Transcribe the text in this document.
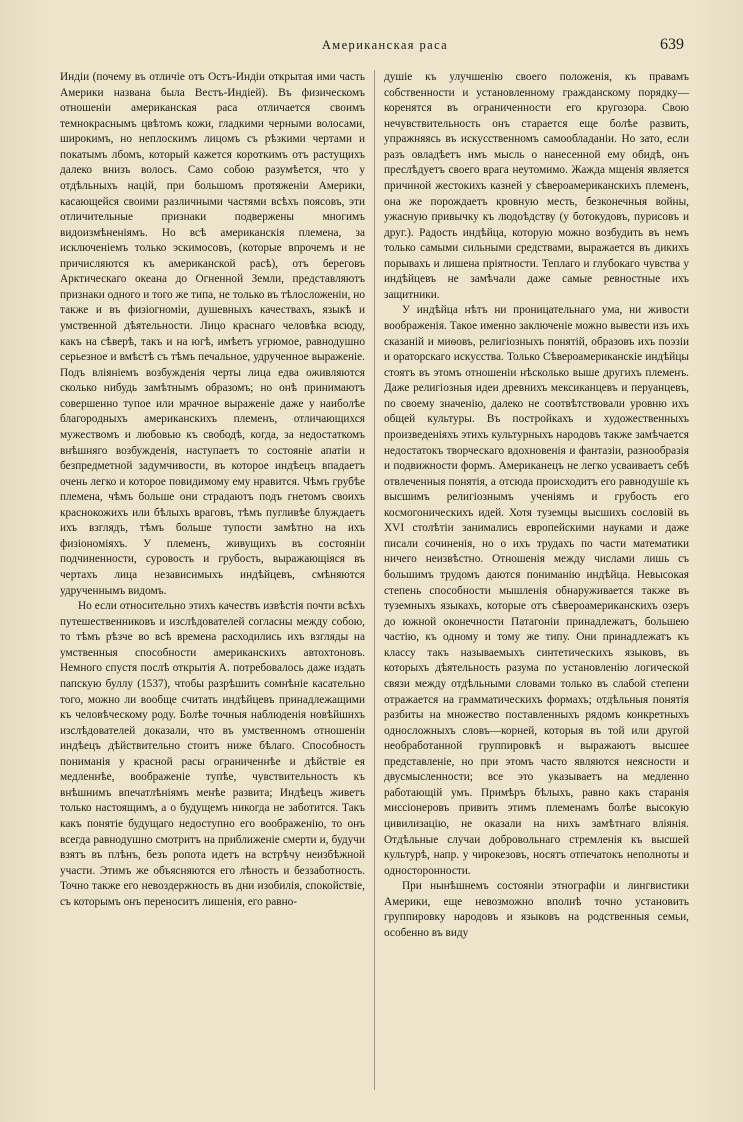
Американская раса	639

Индіи (почему въ отличіе отъ Остъ-Индіи открытая ими часть Америки названа была Вестъ-Индіей). Въ физическомъ отношеніи американская раса отличается своимъ темнокраснымъ цвѣтомъ кожи, гладкими черными волосами, широкимъ, но неплоскимъ лицомъ съ рѣзкими чертами и покатымъ лбомъ, который кажется короткимъ отъ растущихъ далеко внизъ волосъ. Само собою разумѣется, что у отдѣльныхъ націй, при большомъ протяженіи Америки, касающейся своими различными частями всѣхъ поясовъ, эти отличительные признаки подвержены многимъ видоизмѣненіямъ. Но всѣ американскія племена, за исключеніемъ только эскимосовъ, (которые впрочемъ и не причисляются къ американской расѣ), отъ береговъ Арктическаго океана до Огненной Земли, представляютъ признаки одного и того же типа, не только въ тѣлосложеніи, но также и въ физіогноміи, душевныхъ качествахъ, языкѣ и умственной дѣятельности. Лицо краснаго человѣка всюду, какъ на сѣверѣ, такъ и на югѣ, имѣетъ угрюмое, равнодушно серьезное и вмѣстѣ съ тѣмъ печальное, удрученное выраженіе. Подъ вліяніемъ возбужденія черты лица едва оживляются сколько нибудь замѣтнымъ образомъ; но онѣ принимаютъ совершенно тупое или мрачное выраженіе даже у наиболѣе благородныхъ американскихъ племенъ, отличающихся мужествомъ и любовью къ свободѣ, когда, за недостаткомъ внѣшняго возбужденія, наступаетъ то состояніе апатіи и безпредметной задумчивости, въ которое индѣецъ впадаетъ очень легко и которое повидимому ему нравится. Чѣмъ грубѣе племена, чѣмъ больше они страдаютъ подъ гнетомъ своихъ краснокожихъ или бѣлыхъ враговъ, тѣмъ пугливѣе блуждаетъ ихъ взглядъ, тѣмъ больше тупости замѣтно на ихъ физіономіяхъ. У племенъ, живущихъ въ состояніи подчиненности, суровость и грубость, выражающіяся въ чертахъ лица независимыхъ индѣйцевъ, смѣняются удрученнымъ видомъ.

Но если относительно этихъ качествъ извѣстія почти всѣхъ путешественниковъ и изслѣдователей согласны между собою, то тѣмъ рѣзче во всѣ времена расходились ихъ взгляды на умственныя способности американскихъ автохтоновъ. Немного спустя послѣ открытія А. потребовалось даже издать папскую буллу (1537), чтобы разрѣшить сомнѣніе касательно того, можно ли вообще считать индѣйцевъ принадлежащими къ человѣческому роду. Болѣе точныя наблюденія новѣйшихъ изслѣдователей доказали, что въ умственномъ отношеніи индѣецъ дѣйствительно стоитъ ниже бѣлаго. Способность пониманія у красной расы ограниченнѣе и дѣйствіе ея медленнѣе, воображеніе тупѣе, чувствительность къ внѣшнимъ впечатлѣніямъ менѣе развита; Индѣецъ живетъ только настоящимъ, а о будущемъ никогда не заботится. Такъ какъ понятіе будущаго недоступно его воображенію, то онъ всегда равнодушно смотритъ на приближеніе смерти и, будучи взятъ въ плѣнъ, безъ ропота идетъ на встрѣчу неизбѣжной участи. Этимъ же объясняются его лѣность и беззаботность. Точно также его невоздержность въ дни изобилія, спокойствіе, съ которымъ онъ переноситъ лишенія, его равно-

душіе къ улучшенію своего положенія, къ правамъ собственности и установленному гражданскому порядку—коренятся въ ограниченности его кругозора. Свою нечувствительность онъ старается еще болѣе развить, упражняясь въ искусственномъ самообладаніи. Но зато, если разъ овладѣетъ имъ мысль о нанесенной ему обидѣ, онъ преслѣдуетъ своего врага неутомимо. Жажда мщенія является причиной жестокихъ казней у сѣвероамериканскихъ племенъ, она же порождаетъ кровную месть, безконечныя войны, ужасную привычку къ людоѣдству (у ботокудовъ, пурисовъ и друг.). Радость индѣйца, которую можно возбудить въ немъ только самыми сильными средствами, выражается въ дикихъ порывахъ и лишена пріятности. Теплаго и глубокаго чувства у индѣйцевъ не замѣчали даже самые ревностные ихъ защитники.

У индѣйца нѣтъ ни проницательнаго ума, ни живости воображенія. Такое именно заключеніе можно вывести изъ ихъ сказаній и миѳовъ, религіозныхъ понятій, образовъ ихъ поэзіи и ораторскаго искусства. Только Сѣвероамериканскіе индѣйцы стоятъ въ этомъ отношеніи нѣсколько выше другихъ племенъ. Даже религіозныя идеи древнихъ мексиканцевъ и перуанцевъ, по своему значенію, далеко не соотвѣтствовали уровню ихъ общей культуры. Въ постройкахъ и художественныхъ произведеніяхъ этихъ культурныхъ народовъ также замѣчается недостатокъ творческаго вдохновенія и фантазіи, разнообразія и подвижности формъ. Американецъ не легко усваиваетъ себѣ отвлеченныя понятія, а отсюда происходитъ его равнодушіе къ высшимъ религіознымъ ученіямъ и грубость его космогоническихъ идей. Хотя туземцы высшихъ сословій въ XVI столѣтіи занимались европейскими науками и даже писали сочиненія, но о ихъ трудахъ по части математики ничего неизвѣстно. Отношенія между числами лишь съ большимъ трудомъ даются пониманію индѣйца. Невысокая степень способности мышленія обнаруживается также въ туземныхъ языкахъ, которые отъ сѣвероамериканскихъ озеръ до южной оконечности Патагоніи принадлежатъ, большею частію, къ одному и тому же типу. Они принадлежатъ къ классу такъ называемыхъ синтетическихъ языковъ, въ которыхъ дѣятельность разума по установленію логической связи между отдѣльными словами только въ слабой степени отражается на грамматическихъ формахъ; отдѣльныя понятія разбиты на множество поставленныхъ рядомъ конкретныхъ односложныхъ словъ—корней, которыя въ той или другой необработанной группировкѣ и выражаютъ высшее представленіе, но при этомъ часто являются неясности и двусмысленности; все это указываетъ на медленно работающій умъ. Примѣръ бѣлыхъ, равно какъ старанія миссіонеровъ привить этимъ племенамъ болѣе высокую цивилизацію, не оказали на нихъ замѣтнаго вліянія. Отдѣльные случаи добровольнаго стремленія къ высшей культурѣ, напр. у чирокезовъ, носятъ отпечатокъ неполноты и односторонности.

При нынѣшнемъ состояніи этнографіи и лингвистики Америки, еще невозможно вполнѣ точно установить группировку народовъ и языковъ на родственныя семьи, особенно въ виду
